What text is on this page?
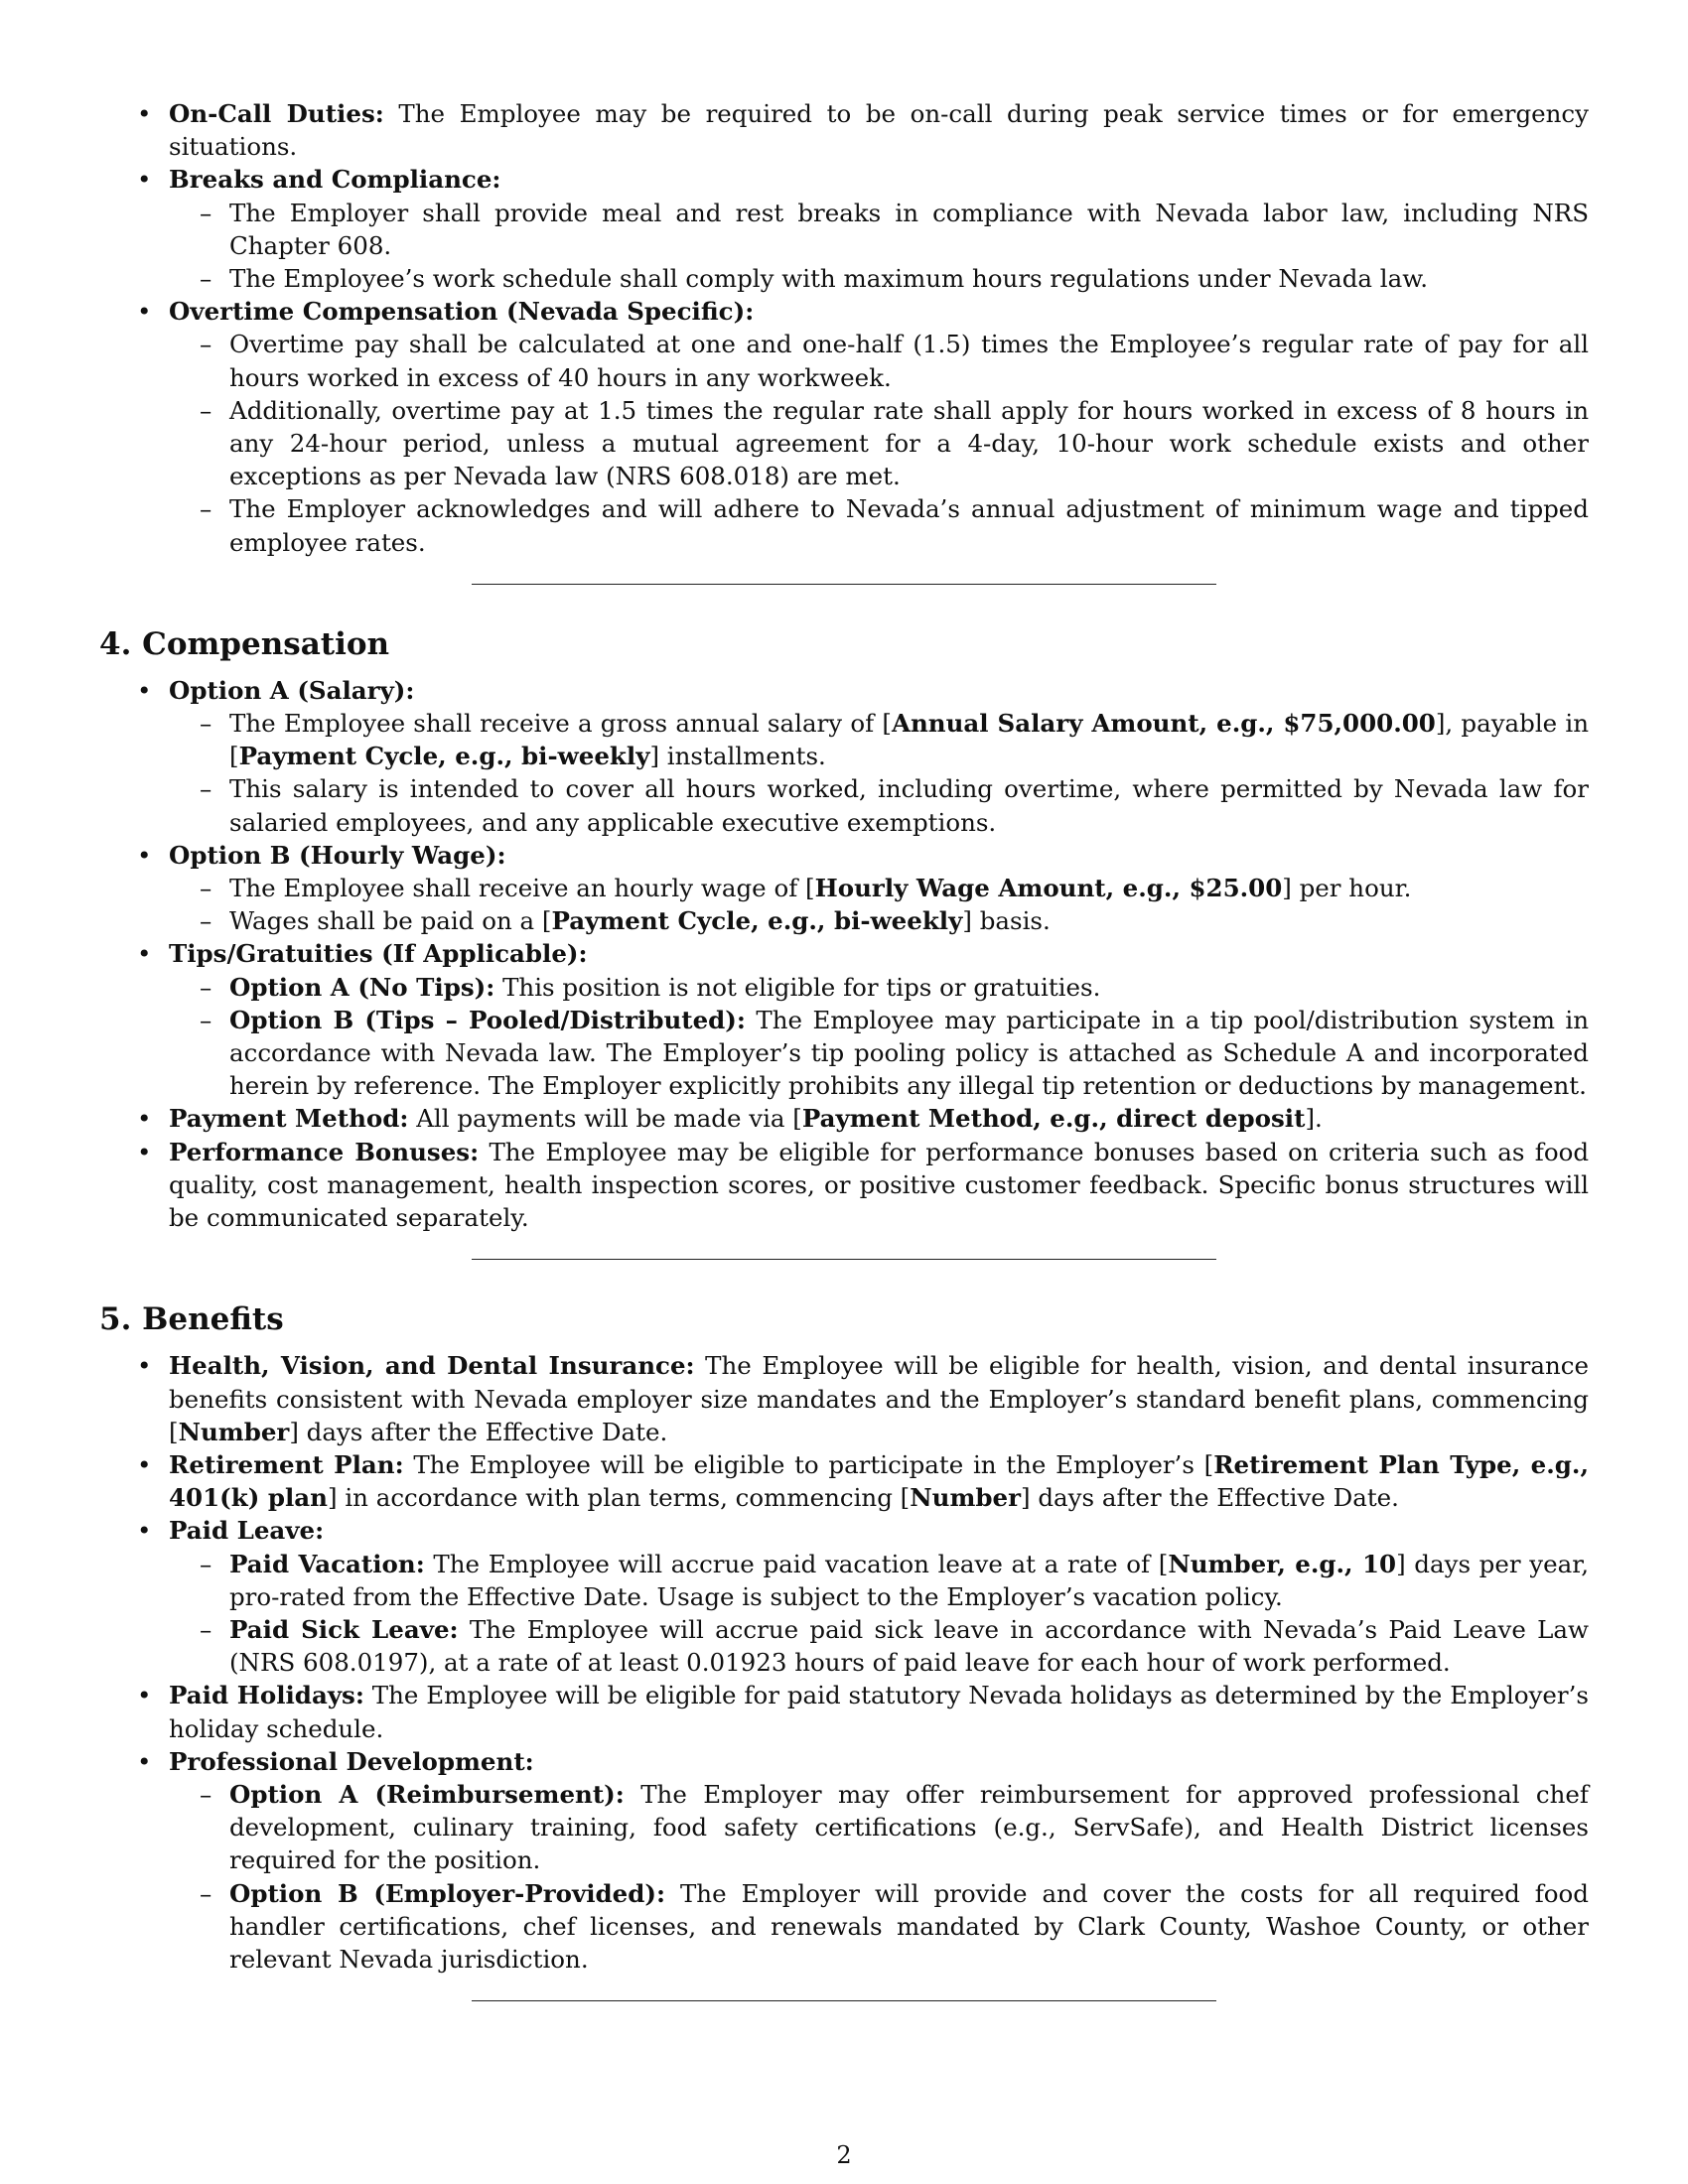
• On-Call Duties: The Employee may be required to be on-call during peak service times or for emergency situations.
• Breaks and Compliance:
– The Employer shall provide meal and rest breaks in compliance with Nevada labor law, including NRS Chapter 608.
– The Employee’s work schedule shall comply with maximum hours regulations under Nevada law.
• Overtime Compensation (Nevada Specific):
– Overtime pay shall be calculated at one and one-half (1.5) times the Employee’s regular rate of pay for all hours worked in excess of 40 hours in any workweek.
– Additionally, overtime pay at 1.5 times the regular rate shall apply for hours worked in excess of 8 hours in any 24-hour period, unless a mutual agreement for a 4-day, 10-hour work schedule exists and other exceptions as per Nevada law (NRS 608.018) are met.
– The Employer acknowledges and will adhere to Nevada’s annual adjustment of minimum wage and tipped employee rates.
4. Compensation
• Option A (Salary):
– The Employee shall receive a gross annual salary of [Annual Salary Amount, e.g., $75,000.00], payable in [Payment Cycle, e.g., bi-weekly] installments.
– This salary is intended to cover all hours worked, including overtime, where permitted by Nevada law for salaried employees, and any applicable executive exemptions.
• Option B (Hourly Wage):
– The Employee shall receive an hourly wage of [Hourly Wage Amount, e.g., $25.00] per hour.
– Wages shall be paid on a [Payment Cycle, e.g., bi-weekly] basis.
• Tips/Gratuities (If Applicable):
– Option A (No Tips): This position is not eligible for tips or gratuities.
– Option B (Tips – Pooled/Distributed): The Employee may participate in a tip pool/distribution system in accordance with Nevada law. The Employer’s tip pooling policy is attached as Schedule A and incorporated herein by reference. The Employer explicitly prohibits any illegal tip retention or deductions by management.
• Payment Method: All payments will be made via [Payment Method, e.g., direct deposit].
• Performance Bonuses: The Employee may be eligible for performance bonuses based on criteria such as food quality, cost management, health inspection scores, or positive customer feedback. Specific bonus structures will be communicated separately.
5. Benefits
• Health, Vision, and Dental Insurance: The Employee will be eligible for health, vision, and dental insurance benefits consistent with Nevada employer size mandates and the Employer’s standard benefit plans, commencing [Number] days after the Effective Date.
• Retirement Plan: The Employee will be eligible to participate in the Employer’s [Retirement Plan Type, e.g., 401(k) plan] in accordance with plan terms, commencing [Number] days after the Effective Date.
• Paid Leave:
– Paid Vacation: The Employee will accrue paid vacation leave at a rate of [Number, e.g., 10] days per year, pro-rated from the Effective Date. Usage is subject to the Employer’s vacation policy.
– Paid Sick Leave: The Employee will accrue paid sick leave in accordance with Nevada’s Paid Leave Law (NRS 608.0197), at a rate of at least 0.01923 hours of paid leave for each hour of work performed.
• Paid Holidays: The Employee will be eligible for paid statutory Nevada holidays as determined by the Employer’s holiday schedule.
• Professional Development:
– Option A (Reimbursement): The Employer may offer reimbursement for approved professional chef development, culinary training, food safety certifications (e.g., ServSafe), and Health District licenses required for the position.
– Option B (Employer-Provided): The Employer will provide and cover the costs for all required food handler certifications, chef licenses, and renewals mandated by Clark County, Washoe County, or other relevant Nevada jurisdiction.
2
